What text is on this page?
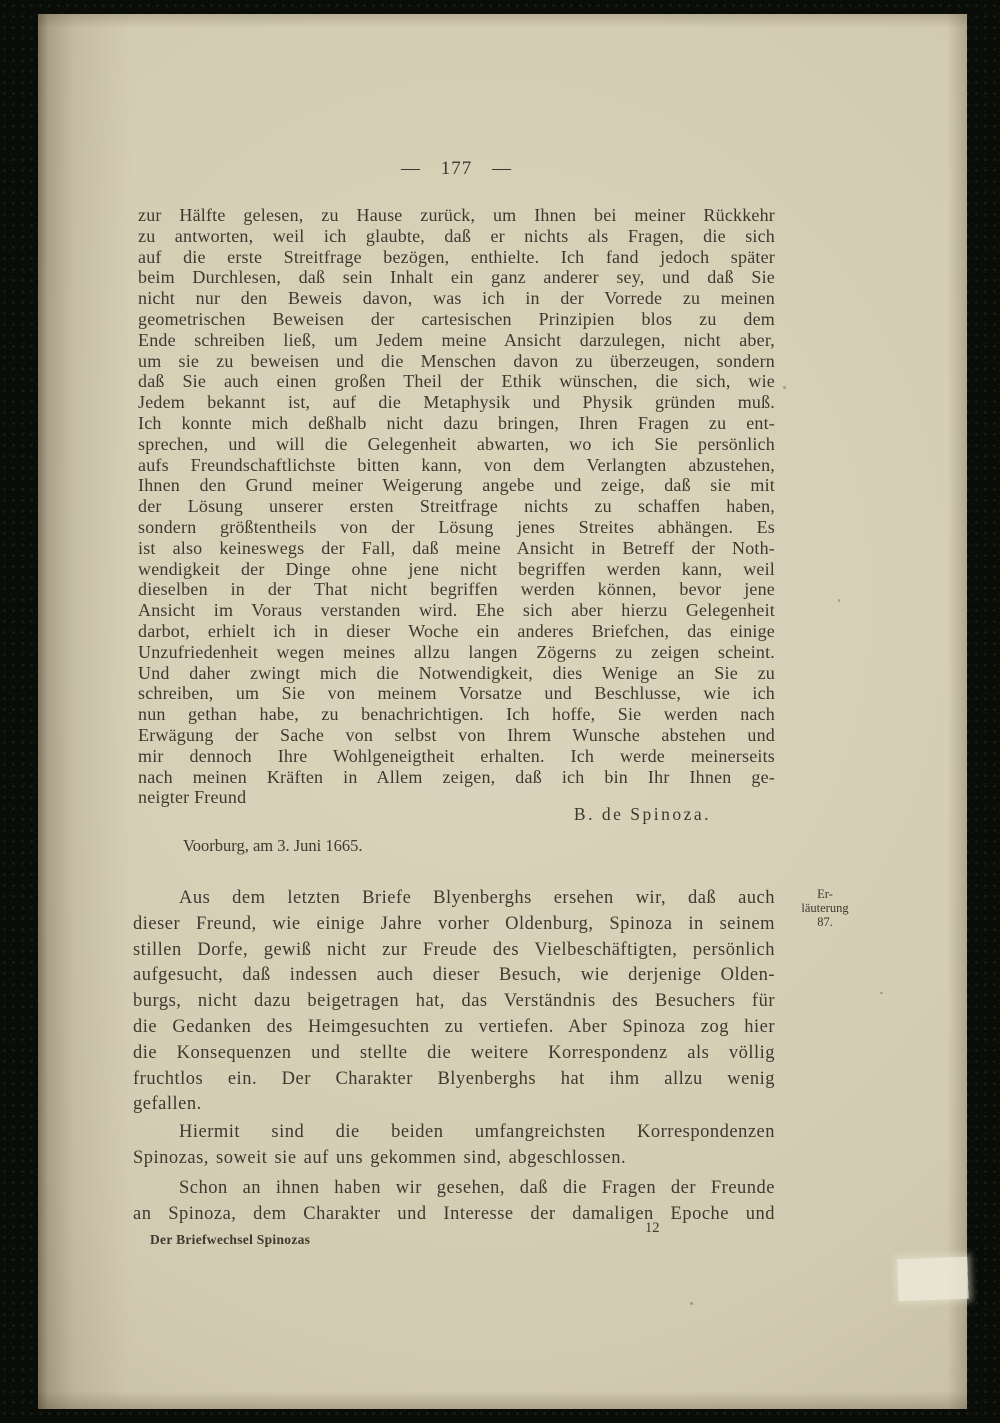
— 177 —
zur Hälfte gelesen, zu Hause zurück, um Ihnen bei meiner Rückkehr
zu antworten, weil ich glaubte, daß er nichts als Fragen, die sich
auf die erste Streitfrage bezögen, enthielte. Ich fand jedoch später
beim Durchlesen, daß sein Inhalt ein ganz anderer sey, und daß Sie
nicht nur den Beweis davon, was ich in der Vorrede zu meinen
geometrischen Beweisen der cartesischen Prinzipien blos zu dem
Ende schreiben ließ, um Jedem meine Ansicht darzulegen, nicht aber,
um sie zu beweisen und die Menschen davon zu überzeugen, sondern
daß Sie auch einen großen Theil der Ethik wünschen, die sich, wie
Jedem bekannt ist, auf die Metaphysik und Physik gründen muß.
Ich konnte mich deßhalb nicht dazu bringen, Ihren Fragen zu ent-
sprechen, und will die Gelegenheit abwarten, wo ich Sie persönlich
aufs Freundschaftlichste bitten kann, von dem Verlangten abzustehen,
Ihnen den Grund meiner Weigerung angebe und zeige, daß sie mit
der Lösung unserer ersten Streitfrage nichts zu schaffen haben,
sondern größtentheils von der Lösung jenes Streites abhängen. Es
ist also keineswegs der Fall, daß meine Ansicht in Betreff der Noth-
wendigkeit der Dinge ohne jene nicht begriffen werden kann, weil
dieselben in der That nicht begriffen werden können, bevor jene
Ansicht im Voraus verstanden wird. Ehe sich aber hierzu Gelegenheit
darbot, erhielt ich in dieser Woche ein anderes Briefchen, das einige
Unzufriedenheit wegen meines allzu langen Zögerns zu zeigen scheint.
Und daher zwingt mich die Notwendigkeit, dies Wenige an Sie zu
schreiben, um Sie von meinem Vorsatze und Beschlusse, wie ich
nun gethan habe, zu benachrichtigen. Ich hoffe, Sie werden nach
Erwägung der Sache von selbst von Ihrem Wunsche abstehen und
mir dennoch Ihre Wohlgeneigtheit erhalten. Ich werde meinerseits
nach meinen Kräften in Allem zeigen, daß ich bin Ihr Ihnen ge-
neigter Freund
B. de Spinoza.
Voorburg, am 3. Juni 1665.
Aus dem letzten Briefe Blyenberghs ersehen wir, daß auch
dieser Freund, wie einige Jahre vorher Oldenburg, Spinoza in seinem
stillen Dorfe, gewiß nicht zur Freude des Vielbeschäftigten, persönlich
aufgesucht, daß indessen auch dieser Besuch, wie derjenige Olden-
burgs, nicht dazu beigetragen hat, das Verständnis des Besuchers für
die Gedanken des Heimgesuchten zu vertiefen. Aber Spinoza zog hier
die Konsequenzen und stellte die weitere Korrespondenz als völlig
fruchtlos ein. Der Charakter Blyenberghs hat ihm allzu wenig
gefallen.
Er-
läuterung
87.
Hiermit sind die beiden umfangreichsten Korrespondenzen
Spinozas, soweit sie auf uns gekommen sind, abgeschlossen.
Schon an ihnen haben wir gesehen, daß die Fragen der Freunde
an Spinoza, dem Charakter und Interesse der damaligen Epoche und
Der Briefwechsel Spinozas
12
